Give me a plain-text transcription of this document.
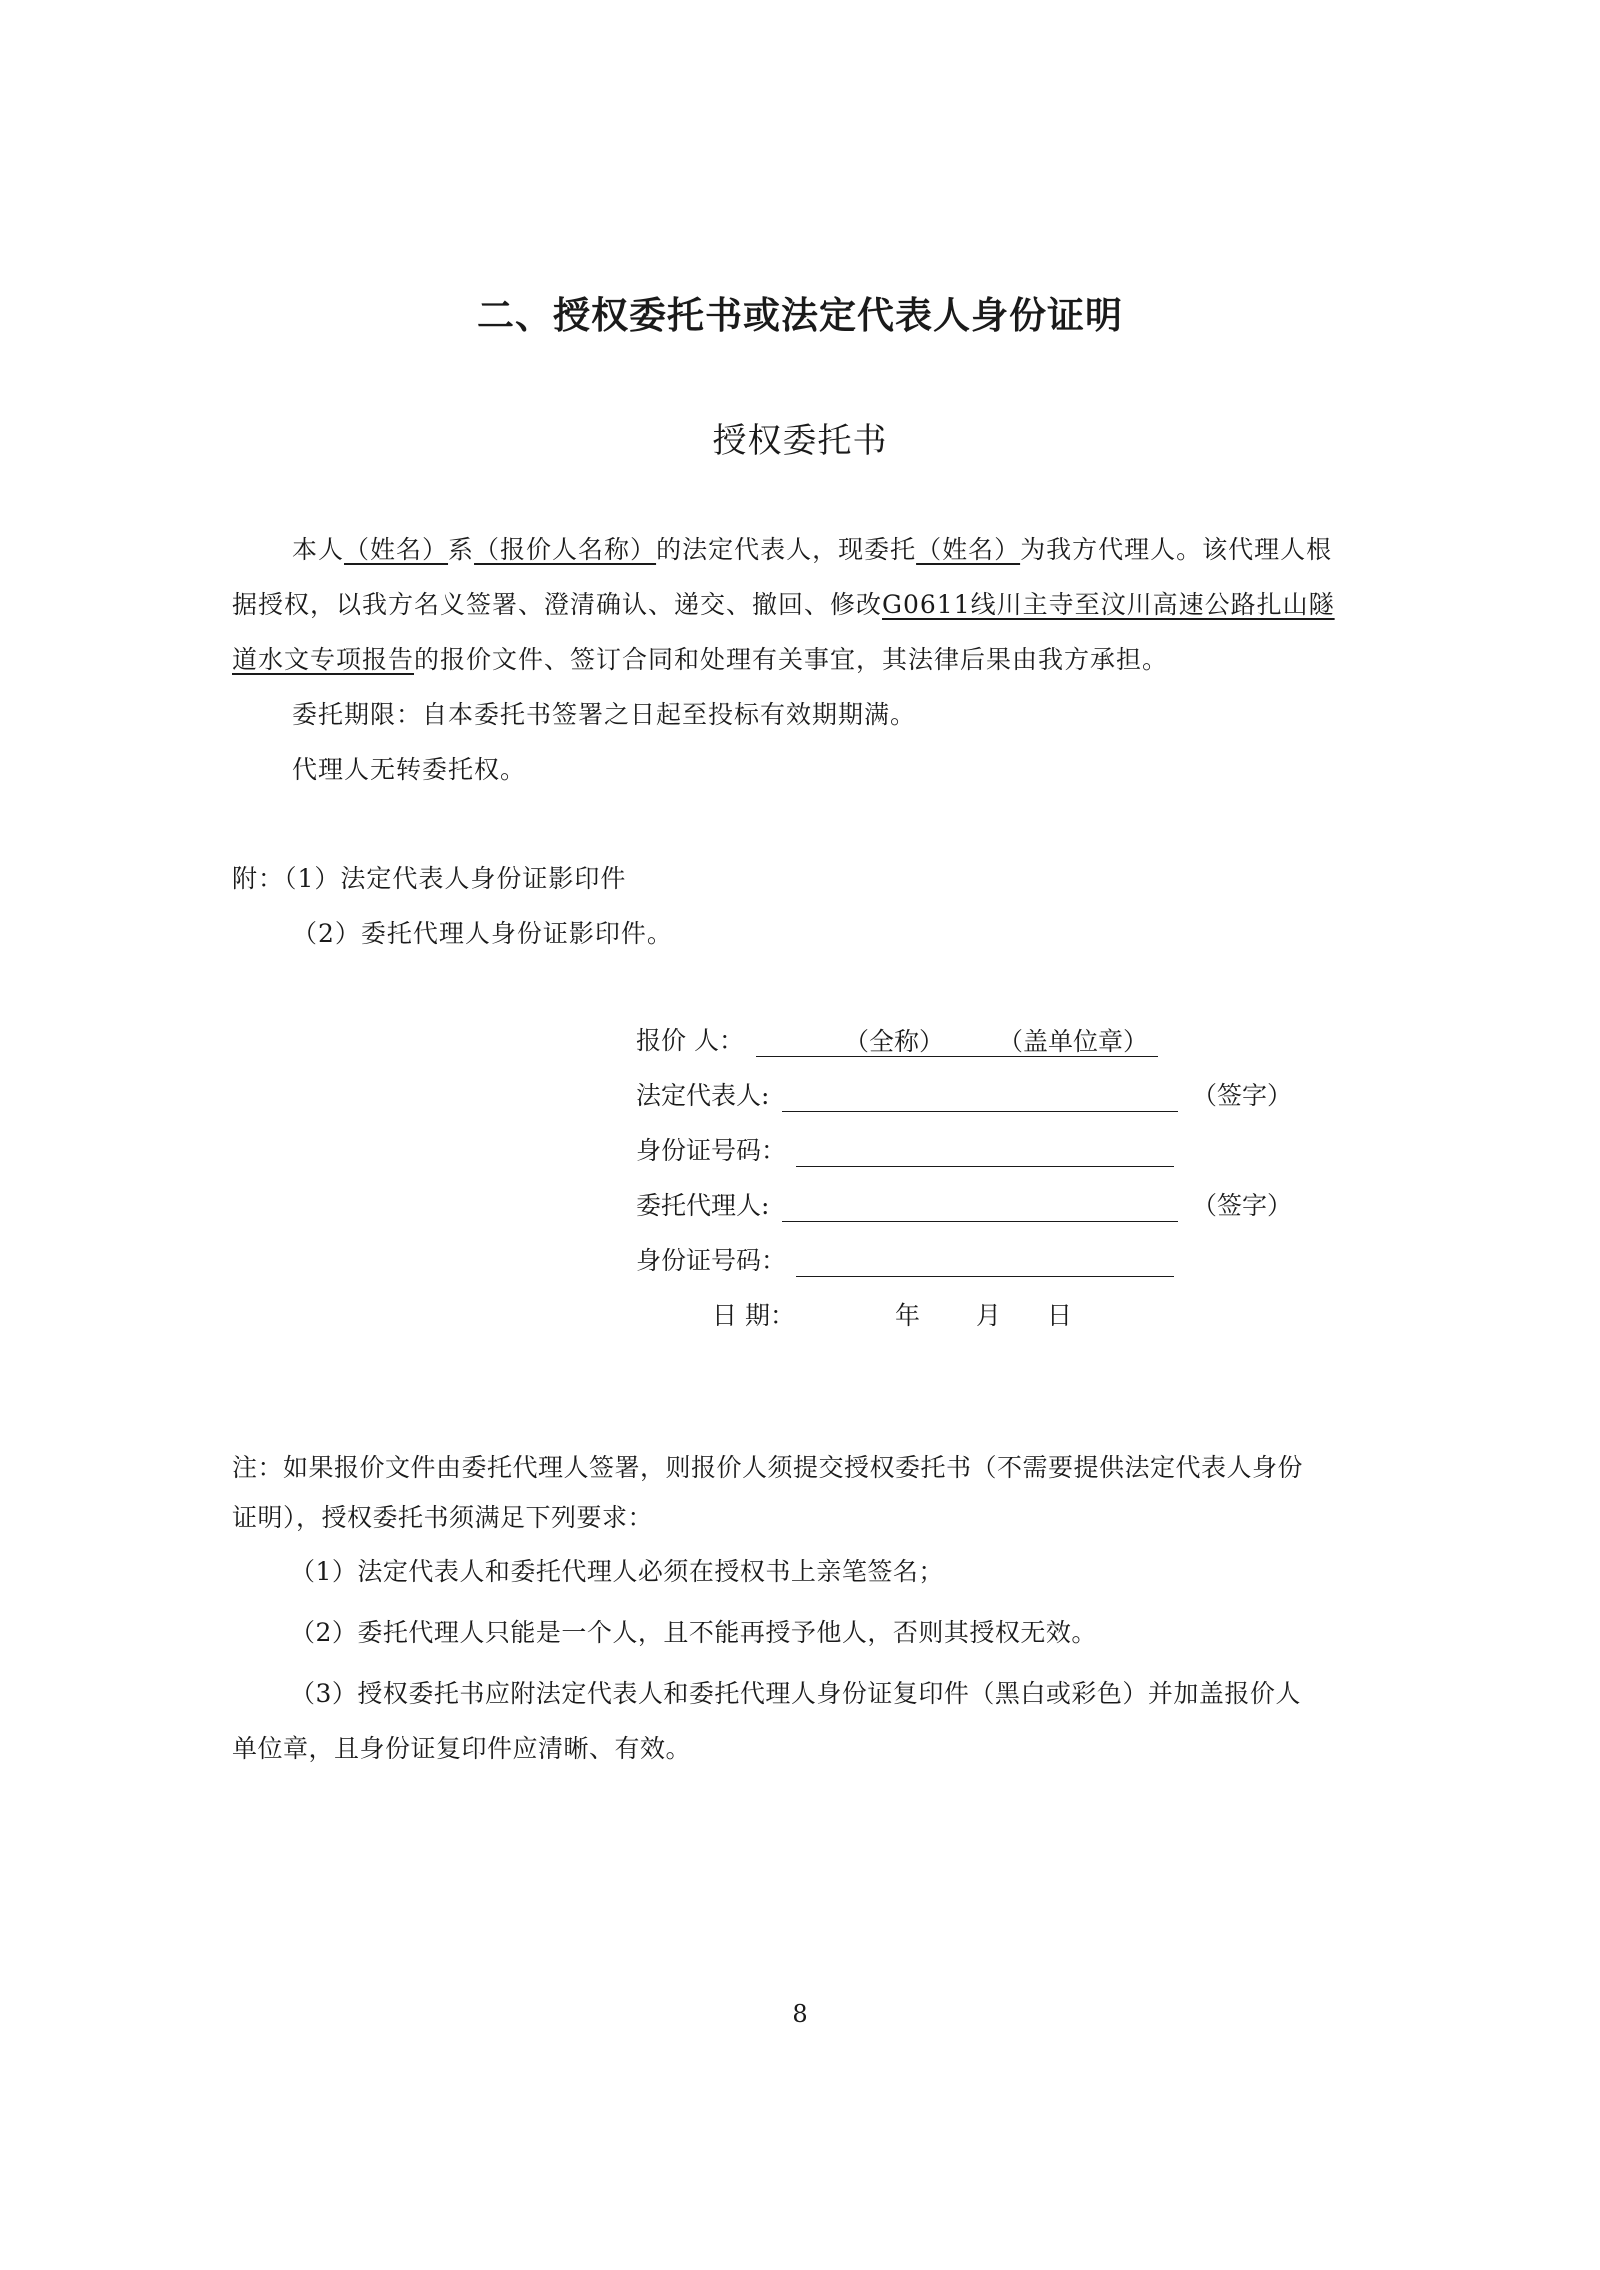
二、授权委托书或法定代表人身份证明
授权委托书
本人（姓名）系（报价人名称）的法定代表人，现委托（姓名）为我方代理人。该代理人根
据授权，以我方名义签署、澄清确认、递交、撤回、修改G0611线川主寺至汶川高速公路扎山隧
道水文专项报告的报价文件、签订合同和处理有关事宜，其法律后果由我方承担。
委托期限：自本委托书签署之日起至投标有效期期满。
代理人无转委托权。
附：（1）法定代表人身份证影印件
（2）委托代理人身份证影印件。
报价 人：	（全称） （盖单位章）
法定代表人:	（签字）
身份证号码：
委托代理人:	（签字）
身份证号码：
日 期：	年 月 日
注：如果报价文件由委托代理人签署，则报价人须提交授权委托书（不需要提供法定代表人身份
证明），授权委托书须满足下列要求：
（1）法定代表人和委托代理人必须在授权书上亲笔签名；
（2）委托代理人只能是一个人，且不能再授予他人，否则其授权无效。
（3）授权委托书应附法定代表人和委托代理人身份证复印件（黑白或彩色）并加盖报价人
单位章，且身份证复印件应清晰、有效。
8
